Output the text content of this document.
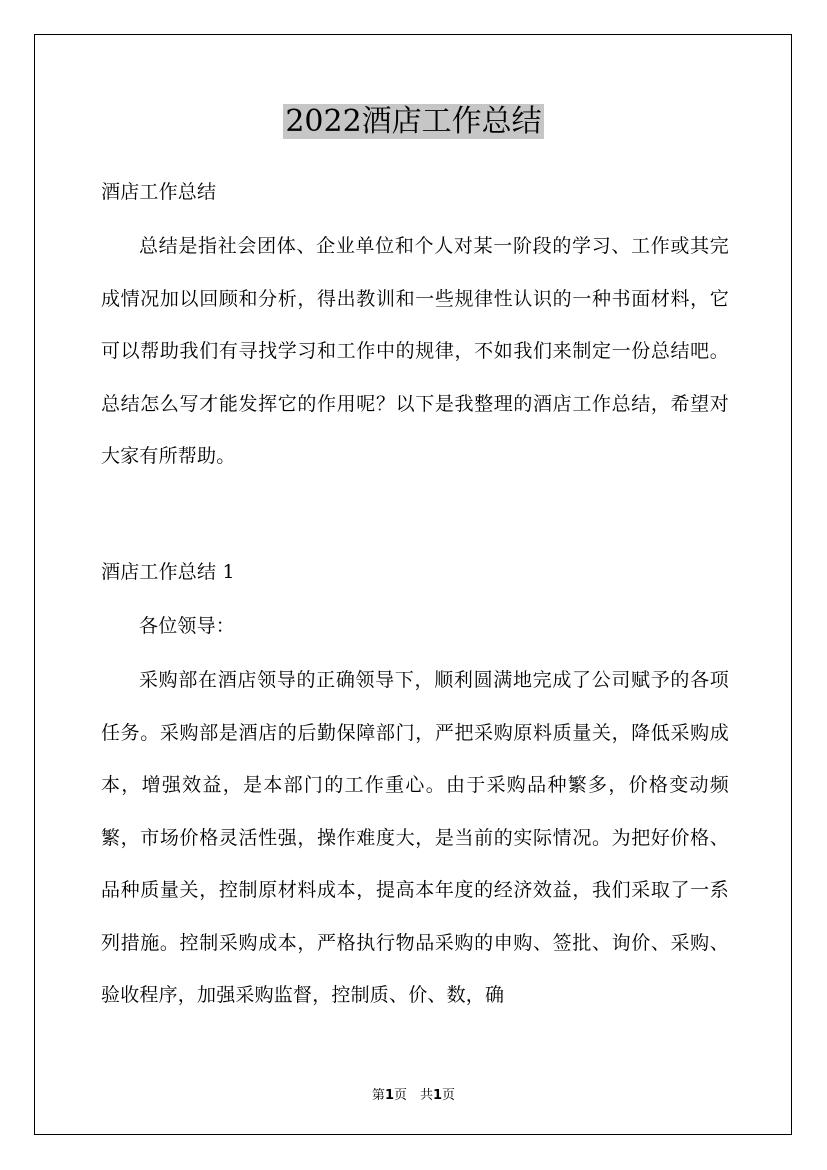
2022酒店工作总结

酒店工作总结

总结是指社会团体、企业单位和个人对某一阶段的学习、工作或其完成情况加以回顾和分析，得出教训和一些规律性认识的一种书面材料，它可以帮助我们有寻找学习和工作中的规律，不如我们来制定一份总结吧。总结怎么写才能发挥它的作用呢？以下是我整理的酒店工作总结，希望对大家有所帮助。

酒店工作总结 1

各位领导：

采购部在酒店领导的正确领导下，顺利圆满地完成了公司赋予的各项任务。采购部是酒店的后勤保障部门，严把采购原料质量关，降低采购成本，增强效益，是本部门的工作重心。由于采购品种繁多，价格变动频繁，市场价格灵活性强，操作难度大，是当前的实际情况。为把好价格、品种质量关，控制原材料成本，提高本年度的经济效益，我们采取了一系列措施。控制采购成本，严格执行物品采购的申购、签批、询价、采购、验收程序，加强采购监督，控制质、价、数，确

第1页　共1页
